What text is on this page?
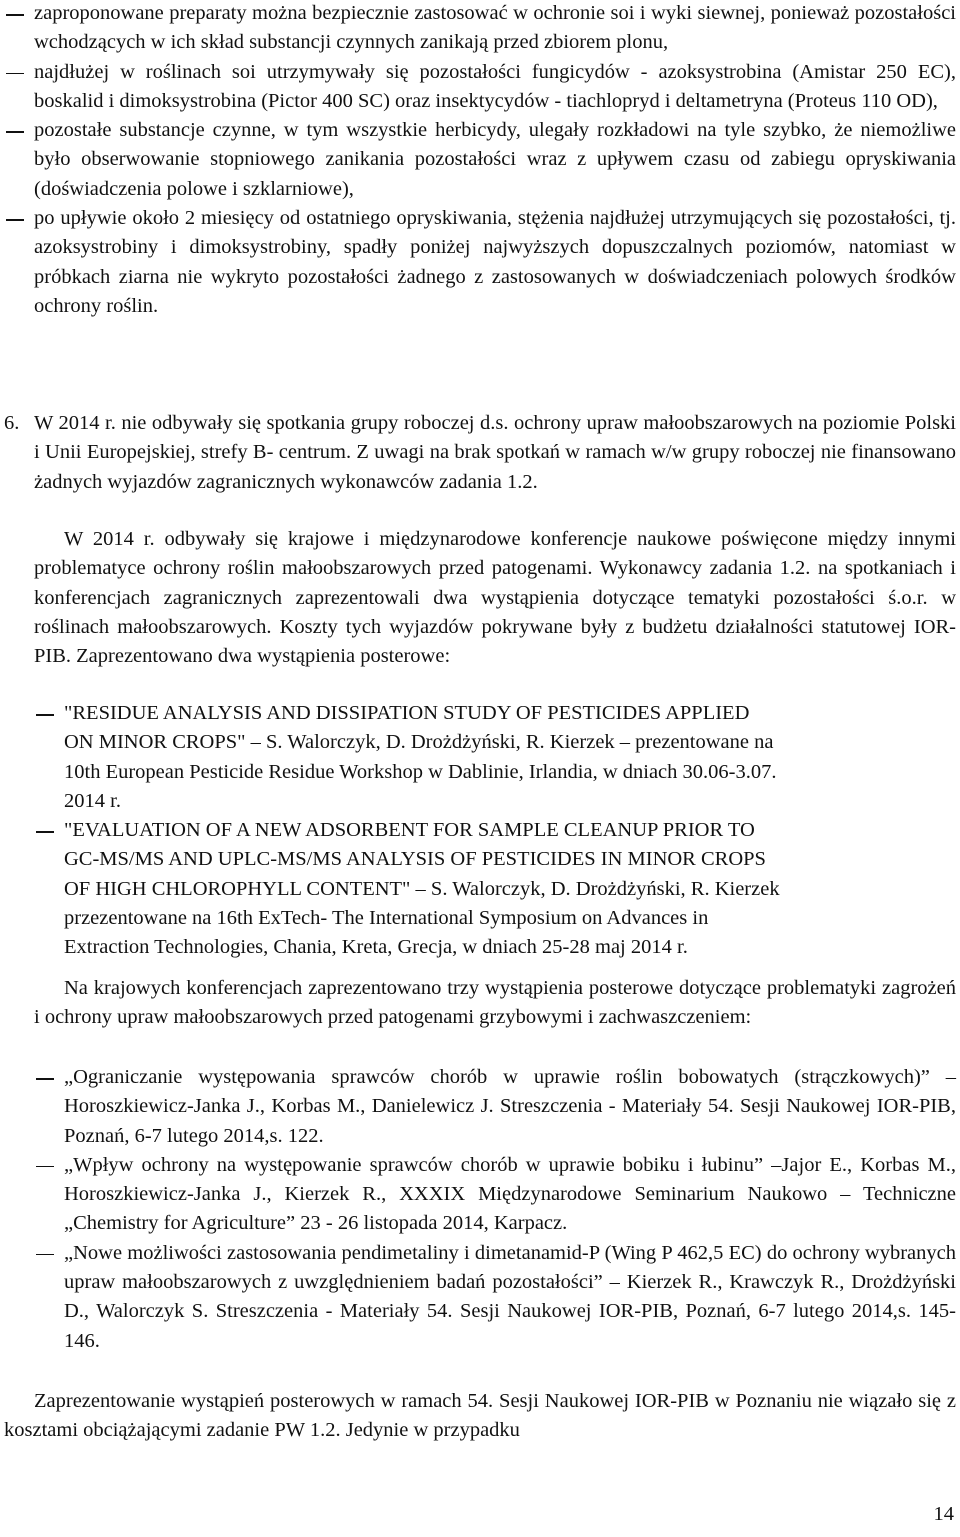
zaproponowane preparaty można bezpiecznie zastosować w ochronie soi i wyki siewnej, ponieważ pozostałości wchodzących w ich skład substancji czynnych zanikają przed zbiorem plonu,
najdłużej w roślinach soi utrzymywały się pozostałości fungicydów - azoksystrobina (Amistar 250 EC), boskalid i dimoksystrobina (Pictor 400 SC) oraz insektycydów - tiachlopryd i deltametryna (Proteus 110 OD),
pozostałe substancje czynne, w tym wszystkie herbicydy, ulegały rozkładowi na tyle szybko, że niemożliwe było obserwowanie stopniowego zanikania pozostałości wraz z upływem czasu od zabiegu opryskiwania (doświadczenia polowe i szklarniowe),
po upływie około 2 miesięcy od ostatniego opryskiwania, stężenia najdłużej utrzymujących się pozostałości, tj. azoksystrobiny i dimoksystrobiny, spadły poniżej najwyższych dopuszczalnych poziomów, natomiast w próbkach ziarna nie wykryto pozostałości żadnego z zastosowanych w doświadczeniach polowych środków ochrony roślin.
6. W 2014 r. nie odbywały się spotkania grupy roboczej d.s. ochrony upraw małoobszarowych na poziomie Polski i Unii Europejskiej, strefy B- centrum. Z uwagi na brak spotkań w ramach w/w grupy roboczej nie finansowano żadnych wyjazdów zagranicznych wykonawców zadania 1.2.

W 2014 r. odbywały się krajowe i międzynarodowe konferencje naukowe poświęcone między innymi problematyce ochrony roślin małoobszarowych przed patogenami. Wykonawcy zadania 1.2. na spotkaniach i konferencjach zagranicznych zaprezentowali dwa wystąpienia dotyczące tematyki pozostałości ś.o.r. w roślinach małoobszarowych. Koszty tych wyjazdów pokrywane były z budżetu działalności statutowej IOR-PIB. Zaprezentowano dwa wystąpienia posterowe:

"RESIDUE ANALYSIS AND DISSIPATION STUDY OF PESTICIDES APPLIED

ON MINOR CROPS" – S. Walorczyk, D. Drożdżyński, R. Kierzek – prezentowane na

10th European Pesticide Residue Workshop w Dablinie, Irlandia, w dniach 30.06-3.07.

2014 r.

"EVALUATION OF A NEW ADSORBENT FOR SAMPLE CLEANUP PRIOR TO

GC-MS/MS AND UPLC-MS/MS ANALYSIS OF PESTICIDES IN MINOR CROPS

OF HIGH CHLOROPHYLL CONTENT" – S. Walorczyk, D. Drożdżyński, R. Kierzek

przezentowane na 16th ExTech- The International Symposium on Advances in

Extraction Technologies, Chania, Kreta, Grecja, w dniach 25-28 maj 2014 r.

Na krajowych konferencjach zaprezentowano trzy wystąpienia posterowe dotyczące problematyki zagrożeń i ochrony upraw małoobszarowych przed patogenami grzybowymi i zachwaszczeniem:

„Ograniczanie występowania sprawców chorób w uprawie roślin bobowatych (strączkowych)” – Horoszkiewicz-Janka J., Korbas M., Danielewicz J. Streszczenia - Materiały 54. Sesji Naukowej IOR-PIB, Poznań, 6-7 lutego 2014,s. 122.
„Wpływ ochrony na występowanie sprawców chorób w uprawie bobiku i łubinu” –Jajor E., Korbas M., Horoszkiewicz-Janka J., Kierzek R., XXXIX Międzynarodowe Seminarium Naukowo – Techniczne „Chemistry for Agriculture” 23 - 26 listopada 2014, Karpacz.
„Nowe możliwości zastosowania pendimetaliny i dimetanamid-P (Wing P 462,5 EC) do ochrony wybranych upraw małoobszarowych z uwzględnieniem badań pozostałości” – Kierzek R., Krawczyk R., Drożdżyński D., Walorczyk S. Streszczenia - Materiały 54. Sesji Naukowej IOR-PIB, Poznań, 6-7 lutego 2014,s. 145-146.

Zaprezentowanie wystąpień posterowych w ramach 54. Sesji Naukowej IOR-PIB w Poznaniu nie wiązało się z kosztami obciążającymi zadanie PW 1.2. Jedynie w przypadku

14
